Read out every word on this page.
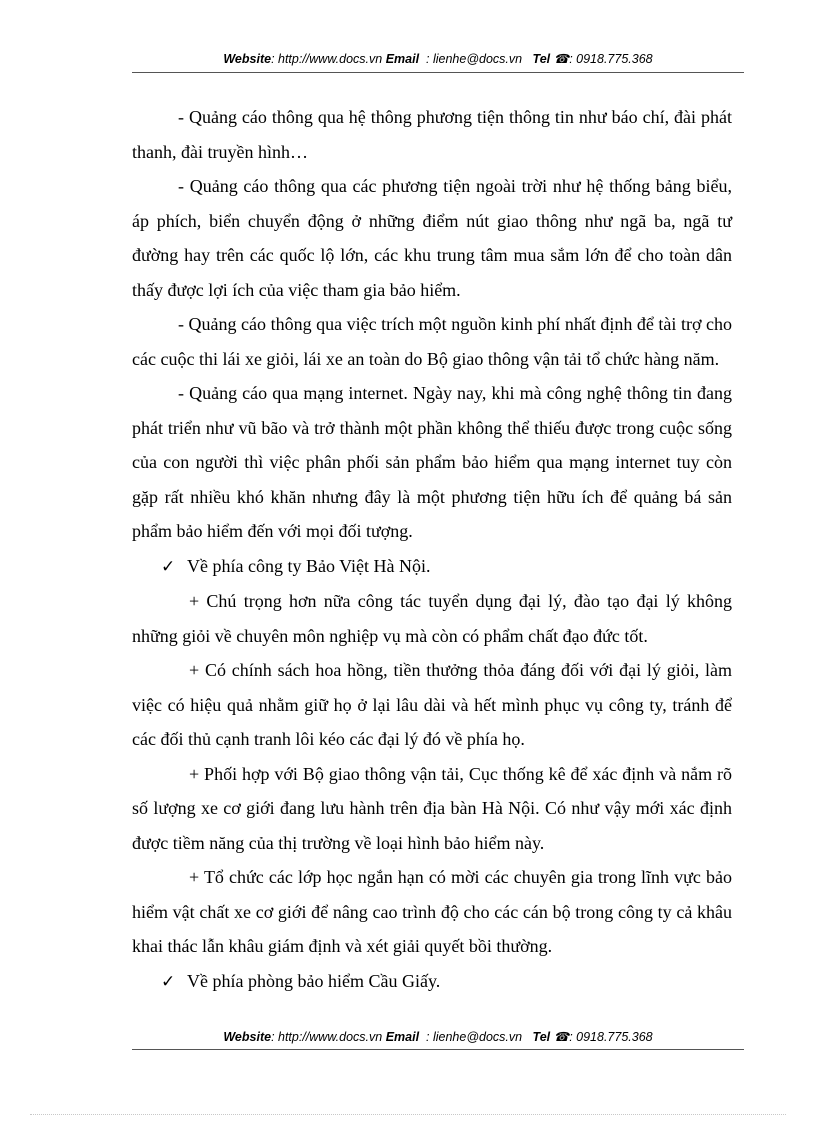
Website: http://www.docs.vn Email : lienhe@docs.vn Tel ☎: 0918.775.368

- Quảng cáo thông qua hệ thông phương tiện thông tin như báo chí, đài phát thanh, đài truyền hình…

- Quảng cáo thông qua các phương tiện ngoài trời như hệ thống bảng biểu, áp phích, biển chuyển động ở những điểm nút giao thông như ngã ba, ngã tư đường hay trên các quốc lộ lớn, các khu trung tâm mua sắm lớn để cho toàn dân thấy được lợi ích của việc tham gia bảo hiểm.

- Quảng cáo thông qua việc trích một nguồn kinh phí nhất định để tài trợ cho các cuộc thi lái xe giỏi, lái xe an toàn do Bộ giao thông vận tải tổ chức hàng năm.

- Quảng cáo qua mạng internet. Ngày nay, khi mà công nghệ thông tin đang phát triển như vũ bão và trở thành một phần không thể thiếu được trong cuộc sống của con người thì việc phân phối sản phẩm bảo hiểm qua mạng internet tuy còn gặp rất nhiều khó khăn nhưng đây là một phương tiện hữu ích để quảng bá sản phẩm bảo hiểm đến với mọi đối tượng.

✓ Về phía công ty Bảo Việt Hà Nội.

+ Chú trọng hơn nữa công tác tuyển dụng đại lý, đào tạo đại lý không những giỏi về chuyên môn nghiệp vụ mà còn có phẩm chất đạo đức tốt.

+ Có chính sách hoa hồng, tiền thưởng thỏa đáng đối với đại lý giỏi, làm việc có hiệu quả nhằm giữ họ ở lại lâu dài và hết mình phục vụ công ty, tránh để các đối thủ cạnh tranh lôi kéo các đại lý đó về phía họ.

+ Phối hợp với Bộ giao thông vận tải, Cục thống kê để xác định và nắm rõ số lượng xe cơ giới đang lưu hành trên địa bàn Hà Nội. Có như vậy mới xác định được tiềm năng của thị trường về loại hình bảo hiểm này.

+ Tổ chức các lớp học ngắn hạn có mời các chuyên gia trong lĩnh vực bảo hiểm vật chất xe cơ giới để nâng cao trình độ cho các cán bộ trong công ty cả khâu khai thác lẫn khâu giám định và xét giải quyết bồi thường.

✓ Về phía phòng bảo hiểm Cầu Giấy.

Website: http://www.docs.vn Email : lienhe@docs.vn Tel ☎: 0918.775.368
